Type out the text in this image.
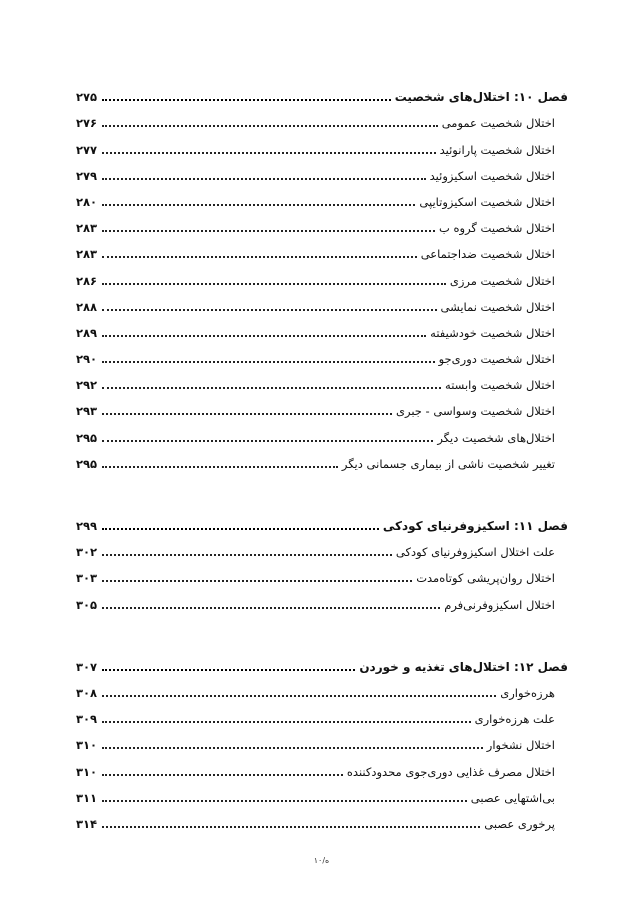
فصل ۱۰: اختلال‌های شخصیت
۲۷۵
اختلال شخصیت عمومی
۲۷۶
اختلال شخصیت پارانوئید
۲۷۷
اختلال شخصیت اسکیزوئید
۲۷۹
اختلال شخصیت اسکیزوتایپی
۲۸۰
اختلال شخصیت گروه ب
۲۸۳
اختلال شخصیت ضداجتماعی
۲۸۳
اختلال شخصیت مرزی
۲۸۶
اختلال شخصیت نمایشی
۲۸۸
اختلال شخصیت خودشیفته
۲۸۹
اختلال شخصیت دوری‌جو
۲۹۰
اختلال شخصیت وابسته
۲۹۲
اختلال شخصیت وسواسی - جبری
۲۹۳
اختلال‌های شخصیت دیگر
۲۹۵
تغییر شخصیت ناشی از بیماری جسمانی دیگر
۲۹۵
فصل ۱۱: اسکیزوفرنیای کودکی
۲۹۹
علت اختلال اسکیزوفرنیای کودکی
۳۰۲
اختلال روان‌پریشی کوتاه‌مدت
۳۰۳
اختلال اسکیزوفرنی‌فرم
۳۰۵
فصل ۱۲: اختلال‌های تغذیه و خوردن
۳۰۷
هرزه‌خواری
۳۰۸
علت هرزه‌خواری
۳۰۹
اختلال نشخوار
۳۱۰
اختلال مصرف غذایی دوری‌جوی محدودکننده
۳۱۰
بی‌اشتهایی عصبی
۳۱۱
پرخوری عصبی
۳۱۴
ه/۱۰
